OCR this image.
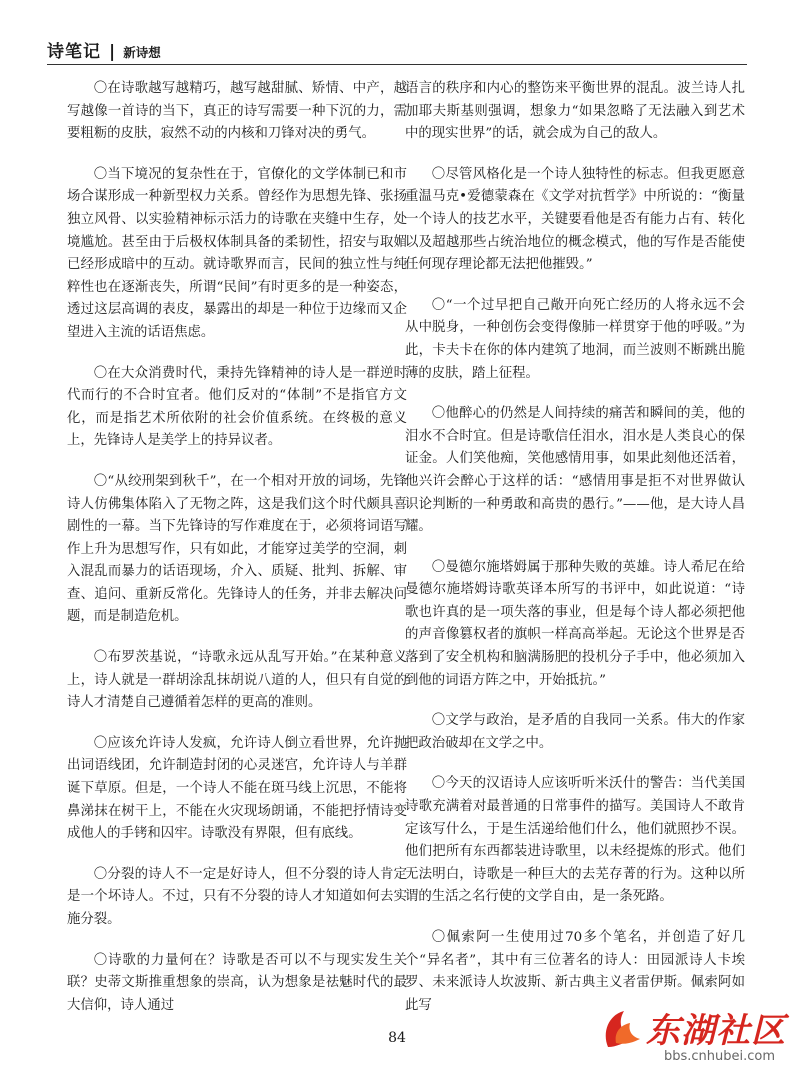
诗笔记 | 新诗想

〇在诗歌越写越精巧，越写越甜腻、矫情、中产，越写越像一首诗的当下，真正的诗写需要一种下沉的力，需要粗粝的皮肤，寂然不动的内核和刀锋对决的勇气。

〇当下境况的复杂性在于，官僚化的文学体制已和市场合谋形成一种新型权力关系。曾经作为思想先锋、张扬独立风骨、以实验精神标示活力的诗歌在夹缝中生存，处境尴尬。甚至由于后极权体制具备的柔韧性，招安与取媚已经形成暗中的互动。就诗歌界而言，民间的独立性与纯粹性也在逐渐丧失，所谓“民间”有时更多的是一种姿态，透过这层高调的表皮，暴露出的却是一种位于边缘而又企望进入主流的话语焦虑。

〇在大众消费时代，秉持先锋精神的诗人是一群逆时代而行的不合时宜者。他们反对的“体制”不是指官方文化，而是指艺术所依附的社会价值系统。在终极的意义上，先锋诗人是美学上的持异议者。

〇“从绞刑架到秋千”，在一个相对开放的词场，先锋诗人仿佛集体陷入了无物之阵，这是我们这个时代颇具喜剧性的一幕。当下先锋诗的写作难度在于，必须将词语写作上升为思想写作，只有如此，才能穿过美学的空洞，刺入混乱而暴力的话语现场，介入、质疑、批判、拆解、审查、追问、重新反常化。先锋诗人的任务，并非去解决问题，而是制造危机。

〇布罗茨基说，“诗歌永远从乱写开始。”在某种意义上，诗人就是一群胡涂乱抹胡说八道的人，但只有自觉的诗人才清楚自己遵循着怎样的更高的准则。

〇应该允许诗人发疯，允许诗人倒立看世界，允许抛出词语线团，允许制造封闭的心灵迷宫，允许诗人与羊群诞下草原。但是，一个诗人不能在斑马线上沉思，不能将鼻涕抹在树干上，不能在火灾现场朗诵，不能把抒情诗变成他人的手铐和囚牢。诗歌没有界限，但有底线。

〇分裂的诗人不一定是好诗人，但不分裂的诗人肯定是一个坏诗人。不过，只有不分裂的诗人才知道如何去实施分裂。

〇诗歌的力量何在？诗歌是否可以不与现实发生关联？史蒂文斯推重想象的崇高，认为想象是祛魅时代的最大信仰，诗人通过

语言的秩序和内心的整饬来平衡世界的混乱。波兰诗人扎加耶夫斯基则强调，想象力“如果忽略了无法融入到艺术中的现实世界”的话，就会成为自己的敌人。

〇尽管风格化是一个诗人独特性的标志。但我更愿意重温马克•爱德蒙森在《文学对抗哲学》中所说的：“衡量一个诗人的技艺水平，关键要看他是否有能力占有、转化以及超越那些占统治地位的概念模式，他的写作是否能使任何现存理论都无法把他摧毁。”

〇“一个过早把自己敞开向死亡经历的人将永远不会从中脱身，一种创伤会变得像肺一样贯穿于他的呼吸。”为此，卡夫卡在你的体内建筑了地洞，而兰波则不断跳出脆薄的皮肤，踏上征程。

〇他醉心的仍然是人间持续的痛苦和瞬间的美，他的泪水不合时宜。但是诗歌信任泪水，泪水是人类良心的保证金。人们笑他痴，笑他感情用事，如果此刻他还活着，他兴许会醉心于这样的话：“感情用事是拒不对世界做认识论判断的一种勇敢和高贵的愚行。”——他，是大诗人昌耀。

〇曼德尔施塔姆属于那种失败的英雄。诗人希尼在给曼德尔施塔姆诗歌英译本所写的书评中，如此说道：“诗歌也许真的是一项失落的事业，但是每个诗人都必须把他的声音像篡权者的旗帜一样高高举起。无论这个世界是否落到了安全机构和脑满肠肥的投机分子手中，他必须加入到他的词语方阵之中，开始抵抗。”

〇文学与政治，是矛盾的自我同一关系。伟大的作家把政治破却在文学之中。

〇今天的汉语诗人应该听听米沃什的警告：当代美国诗歌充满着对最普通的日常事件的描写。美国诗人不敢肯定该写什么，于是生活递给他们什么，他们就照抄不误。他们把所有东西都装进诗歌里，以未经提炼的形式。他们无法明白，诗歌是一种巨大的去芜存菁的行为。这种以所谓的生活之名行使的文学自由，是一条死路。

〇佩索阿一生使用过70多个笔名，并创造了好几个“异名者”，其中有三位著名的诗人：田园派诗人卡埃罗、未来派诗人坎波斯、新古典主义者雷伊斯。佩索阿如此写

84	东湖社区
bbs.cnhubei.com
